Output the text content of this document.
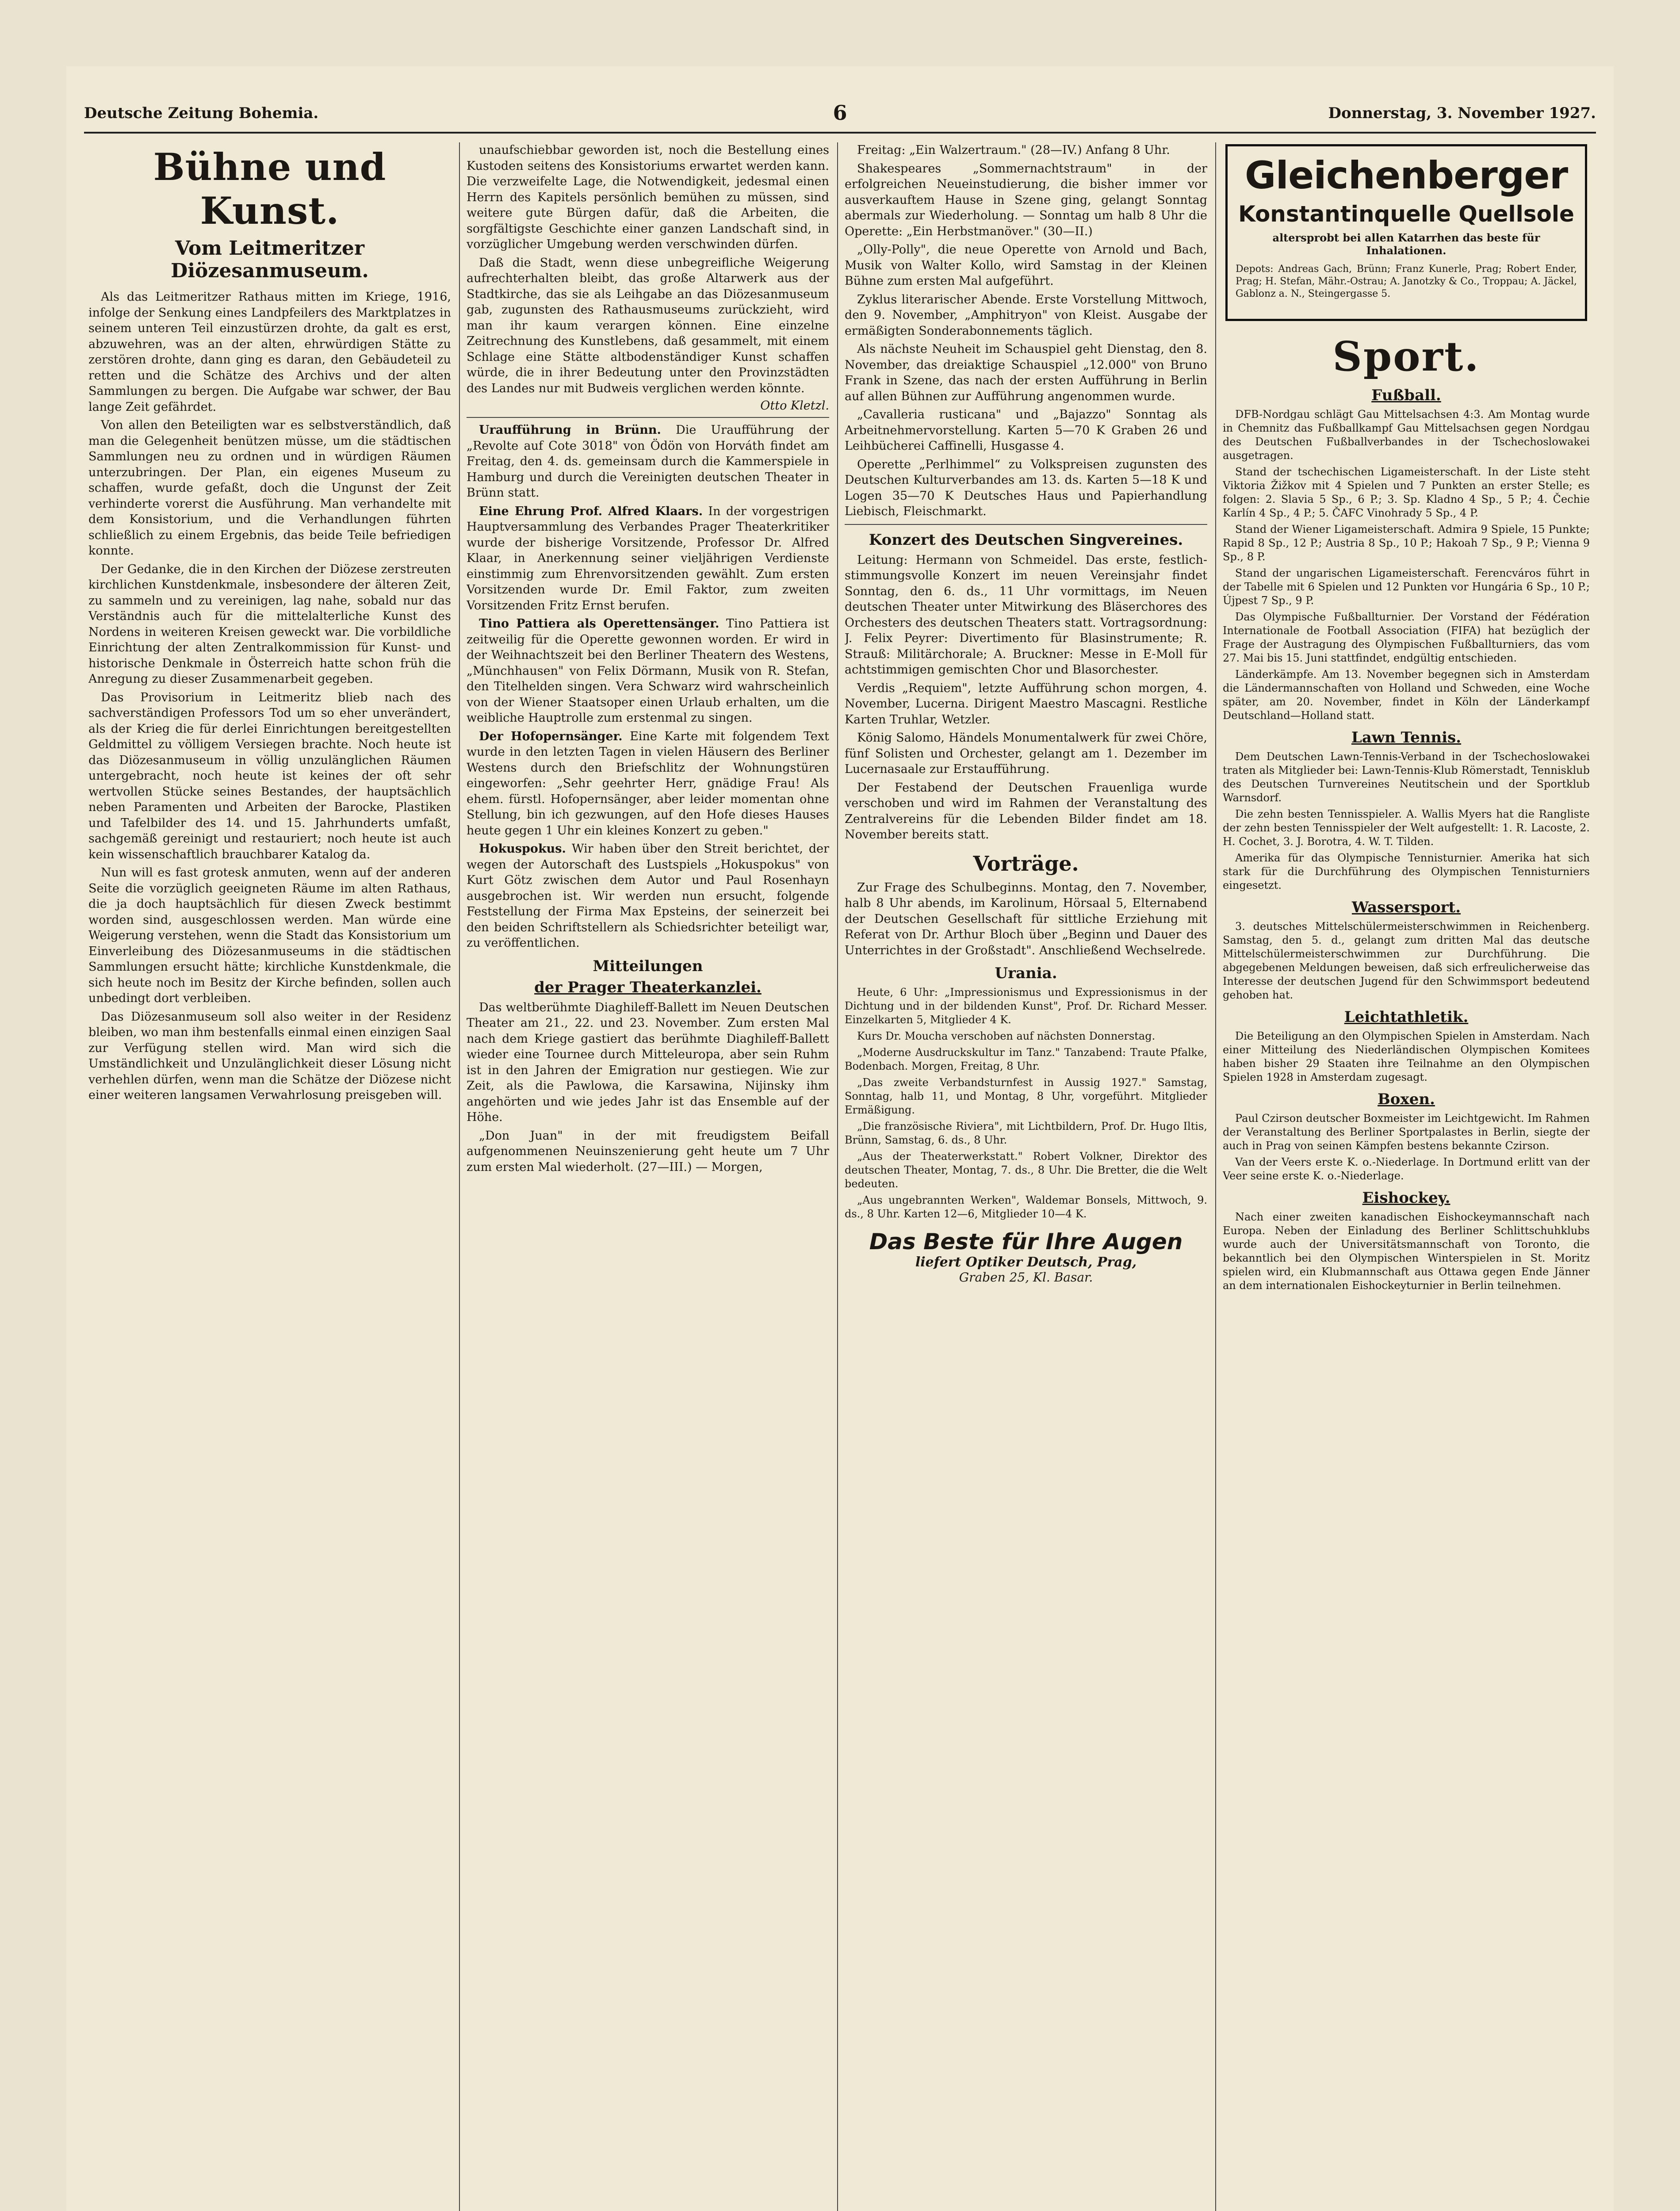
Deutsche Zeitung Bohemia.	6	Donnerstag, 3. November 1927.
Bühne und Kunst.
Vom Leitmeritzer Diözesanmuseum.

Als das Leitmeritzer Rathaus mitten im Kriege, 1916, infolge der Senkung eines Landpfeilers des Marktplatzes in seinem unteren Teil einzustürzen drohte, da galt es erst, abzuwehren, was an der alten, ehrwürdigen Stätte zu zerstören drohte, dann ging es daran, den Gebäudeteil zu retten und die Schätze des Archivs und der alten Sammlungen zu bergen. Die Aufgabe war schwer, der Bau lange Zeit gefährdet.

Von allen den Beteiligten war es selbstverständlich, daß man die Gelegenheit benützen müsse, um die städtischen Sammlungen neu zu ordnen und in würdigen Räumen unterzubringen. Der Plan, ein eigenes Museum zu schaffen, wurde gefaßt, doch die Ungunst der Zeit verhinderte vorerst die Ausführung. Man verhandelte mit dem Konsistorium, und die Verhandlungen führten schließlich zu einem Ergebnis, das beide Teile befriedigen konnte.

Der Gedanke, die in den Kirchen der Diözese zerstreuten kirchlichen Kunstdenkmale, insbesondere der älteren Zeit, zu sammeln und zu vereinigen, lag nahe, sobald nur das Verständnis auch für die mittelalterliche Kunst des Nordens in weiteren Kreisen geweckt war. Die vorbildliche Einrichtung der alten Zentralkommission für Kunst- und historische Denkmale in Österreich hatte schon früh die Anregung zu dieser Zusammenarbeit gegeben.

Das Provisorium in Leitmeritz blieb nach des sachverständigen Professors Tod um so eher unverändert, als der Krieg die für derlei Einrichtungen bereitgestellten Geldmittel zu völligem Versiegen brachte. Noch heute ist das Diözesanmuseum in völlig unzulänglichen Räumen untergebracht, noch heute ist keines der oft sehr wertvollen Stücke seines Bestandes, der hauptsächlich neben Paramenten und Arbeiten der Barocke, Plastiken und Tafelbilder des 14. und 15. Jahrhunderts umfaßt, sachgemäß gereinigt und restauriert; noch heute ist auch kein wissenschaftlich brauchbarer Katalog da.

Nun will es fast grotesk anmuten, wenn auf der anderen Seite die vorzüglich geeigneten Räume im alten Rathaus, die ja doch hauptsächlich für diesen Zweck bestimmt worden sind, ausgeschlossen werden. Man würde eine Weigerung verstehen, wenn die Stadt das Konsistorium um Einverleibung des Diözesanmuseums in die städtischen Sammlungen ersucht hätte; kirchliche Kunstdenkmale, die sich heute noch im Besitz der Kirche befinden, sollen auch unbedingt dort verbleiben.

Das Diözesanmuseum soll also weiter in der Residenz bleiben, wo man ihm bestenfalls einmal einen einzigen Saal zur Verfügung stellen wird. Man wird sich die Umständlichkeit und Unzulänglichkeit dieser Lösung nicht verhehlen dürfen, wenn man die Schätze der Diözese nicht einer weiteren langsamen Verwahrlosung preisgeben will.

unaufschiebbar geworden ist, noch die Bestellung eines Kustoden seitens des Konsistoriums erwartet werden kann. Die verzweifelte Lage, die Notwendigkeit, jedesmal einen Herrn des Kapitels persönlich bemühen zu müssen, sind weitere gute Bürgen dafür, daß die Arbeiten, die sorgfältigste Geschichte einer ganzen Landschaft sind, in vorzüglicher Umgebung werden verschwinden dürfen.

Daß die Stadt, wenn diese unbegreifliche Weigerung aufrechterhalten bleibt, das große Altarwerk aus der Stadtkirche, das sie als Leihgabe an das Diözesanmuseum gab, zugunsten des Rathausmuseums zurückzieht, wird man ihr kaum verargen können. Eine einzelne Zeitrechnung des Kunstlebens, daß gesammelt, mit einem Schlage eine Stätte altbodenständiger Kunst schaffen würde, die in ihrer Bedeutung unter den Provinzstädten des Landes nur mit Budweis verglichen werden könnte.

Otto Kletzl.

Uraufführung in Brünn. Die Uraufführung der „Revolte auf Cote 3018" von Ödön von Horváth findet am Freitag, den 4. ds. gemeinsam durch die Kammerspiele in Hamburg und durch die Vereinigten deutschen Theater in Brünn statt.

Eine Ehrung Prof. Alfred Klaars. In der vorgestrigen Hauptversammlung des Verbandes Prager Theaterkritiker wurde der bisherige Vorsitzende, Professor Dr. Alfred Klaar, in Anerkennung seiner vieljährigen Verdienste einstimmig zum Ehrenvorsitzenden gewählt. Zum ersten Vorsitzenden wurde Dr. Emil Faktor, zum zweiten Vorsitzenden Fritz Ernst berufen.

Tino Pattiera als Operettensänger. Tino Pattiera ist zeitweilig für die Operette gewonnen worden. Er wird in der Weihnachtszeit bei den Berliner Theatern des Westens, „Münchhausen" von Felix Dörmann, Musik von R. Stefan, den Titelhelden singen. Vera Schwarz wird wahrscheinlich von der Wiener Staatsoper einen Urlaub erhalten, um die weibliche Hauptrolle zum erstenmal zu singen.

Der Hofopernsänger. Eine Karte mit folgendem Text wurde in den letzten Tagen in vielen Häusern des Berliner Westens durch den Briefschlitz der Wohnungstüren eingeworfen: „Sehr geehrter Herr, gnädige Frau! Als ehem. fürstl. Hofopernsänger, aber leider momentan ohne Stellung, bin ich gezwungen, auf den Hofe dieses Hauses heute gegen 1 Uhr ein kleines Konzert zu geben."

Hokuspokus. Wir haben über den Streit berichtet, der wegen der Autorschaft des Lustspiels „Hokuspokus" von Kurt Götz zwischen dem Autor und Paul Rosenhayn ausgebrochen ist. Wir werden nun ersucht, folgende Feststellung der Firma Max Epsteins, der seinerzeit bei den beiden Schriftstellern als Schiedsrichter beteiligt war, zu veröffentlichen.

Mitteilungen
der Prager Theaterkanzlei.

Das weltberühmte Diaghileff-Ballett im Neuen Deutschen Theater am 21., 22. und 23. November. Zum ersten Mal nach dem Kriege gastiert das berühmte Diaghileff-Ballett wieder eine Tournee durch Mitteleuropa, aber sein Ruhm ist in den Jahren der Emigration nur gestiegen. Wie zur Zeit, als die Pawlowa, die Karsawina, Nijinsky ihm angehörten und wie jedes Jahr ist das Ensemble auf der Höhe.

„Don Juan" in der mit freudigstem Beifall aufgenommenen Neuinszenierung geht heute um 7 Uhr zum ersten Mal wiederholt. (27—III.) — Morgen,

Freitag: „Ein Walzertraum." (28—IV.) Anfang 8 Uhr.

Shakespeares „Sommernachtstraum" in der erfolgreichen Neueinstudierung, die bisher immer vor ausverkauftem Hause in Szene ging, gelangt Sonntag abermals zur Wiederholung. — Sonntag um halb 8 Uhr die Operette: „Ein Herbstmanöver." (30—II.)

„Olly-Polly", die neue Operette von Arnold und Bach, Musik von Walter Kollo, wird Samstag in der Kleinen Bühne zum ersten Mal aufgeführt.

Zyklus literarischer Abende. Erste Vorstellung Mittwoch, den 9. November, „Amphitryon" von Kleist. Ausgabe der ermäßigten Sonderabonnements täglich.

Als nächste Neuheit im Schauspiel geht Dienstag, den 8. November, das dreiaktige Schauspiel „12.000" von Bruno Frank in Szene, das nach der ersten Aufführung in Berlin auf allen Bühnen zur Aufführung angenommen wurde.

„Cavalleria rusticana" und „Bajazzo" Sonntag als Arbeitnehmervorstellung. Karten 5—70 K Graben 26 und Leihbücherei Caffinelli, Husgasse 4.

Operette „Perlhimmel“ zu Volkspreisen zugunsten des Deutschen Kulturverbandes am 13. ds. Karten 5—18 K und Logen 35—70 K Deutsches Haus und Papierhandlung Liebisch, Fleischmarkt.

Konzert des Deutschen Singvereines.

Leitung: Hermann von Schmeidel. Das erste, festlich-stimmungsvolle Konzert im neuen Vereinsjahr findet Sonntag, den 6. ds., 11 Uhr vormittags, im Neuen deutschen Theater unter Mitwirkung des Bläserchores des Orchesters des deutschen Theaters statt. Vortragsordnung: J. Felix Peyrer: Divertimento für Blasinstrumente; R. Strauß: Militärchorale; A. Bruckner: Messe in E-Moll für achtstimmigen gemischten Chor und Blasorchester.

Verdis „Requiem", letzte Aufführung schon morgen, 4. November, Lucerna. Dirigent Maestro Mascagni. Restliche Karten Truhlar, Wetzler.

König Salomo, Händels Monumentalwerk für zwei Chöre, fünf Solisten und Orchester, gelangt am 1. Dezember im Lucernasaale zur Erstaufführung.

Der Festabend der Deutschen Frauenliga wurde verschoben und wird im Rahmen der Veranstaltung des Zentralvereins für die Lebenden Bilder findet am 18. November bereits statt.

Vorträge.

Zur Frage des Schulbeginns. Montag, den 7. November, halb 8 Uhr abends, im Karolinum, Hörsaal 5, Elternabend der Deutschen Gesellschaft für sittliche Erziehung mit Referat von Dr. Arthur Bloch über „Beginn und Dauer des Unterrichtes in der Großstadt". Anschließend Wechselrede.

Urania.

Heute, 6 Uhr: „Impressionismus und Expressionismus in der Dichtung und in der bildenden Kunst", Prof. Dr. Richard Messer. Einzelkarten 5, Mitglieder 4 K.

Kurs Dr. Moucha verschoben auf nächsten Donnerstag.

„Moderne Ausdruckskultur im Tanz." Tanzabend: Traute Pfalke, Bodenbach. Morgen, Freitag, 8 Uhr.

„Das zweite Verbandsturnfest in Aussig 1927." Samstag, Sonntag, halb 11, und Montag, 8 Uhr, vorgeführt. Mitglieder Ermäßigung.

„Die französische Riviera", mit Lichtbildern, Prof. Dr. Hugo Iltis, Brünn, Samstag, 6. ds., 8 Uhr.

„Aus der Theaterwerkstatt." Robert Volkner, Direktor des deutschen Theater, Montag, 7. ds., 8 Uhr. Die Bretter, die die Welt bedeuten.

„Aus ungebrannten Werken", Waldemar Bonsels, Mittwoch, 9. ds., 8 Uhr. Karten 12—6, Mitglieder 10—4 K.

Das Beste für Ihre Augen
liefert Optiker Deutsch, Prag,
Graben 25, Kl. Basar.
Gleichenberger
Konstantinquelle Quellsole
altersprobt bei allen Katarrhen das beste für Inhalationen.
Depots: Andreas Gach, Brünn; Franz Kunerle, Prag; Robert Ender, Prag; H. Stefan, Mähr.-Ostrau; A. Janotzky & Co., Troppau; A. Jäckel, Gablonz a. N., Steingergasse 5.
Sport.
Fußball.

DFB-Nordgau schlägt Gau Mittelsachsen 4:3. Am Montag wurde in Chemnitz das Fußballkampf Gau Mittelsachsen gegen Nordgau des Deutschen Fußballverbandes in der Tschechoslowakei ausgetragen.

Stand der tschechischen Ligameisterschaft. In der Liste steht Viktoria Žižkov mit 4 Spielen und 7 Punkten an erster Stelle; es folgen: 2. Slavia 5 Sp., 6 P.; 3. Sp. Kladno 4 Sp., 5 P.; 4. Čechie Karlín 4 Sp., 4 P.; 5. ČAFC Vinohrady 5 Sp., 4 P.

Stand der Wiener Ligameisterschaft. Admira 9 Spiele, 15 Punkte; Rapid 8 Sp., 12 P.; Austria 8 Sp., 10 P.; Hakoah 7 Sp., 9 P.; Vienna 9 Sp., 8 P.

Stand der ungarischen Ligameisterschaft. Ferencváros führt in der Tabelle mit 6 Spielen und 12 Punkten vor Hungária 6 Sp., 10 P.; Újpest 7 Sp., 9 P.

Das Olympische Fußballturnier. Der Vorstand der Fédération Internationale de Football Association (FIFA) hat bezüglich der Frage der Austragung des Olympischen Fußballturniers, das vom 27. Mai bis 15. Juni stattfindet, endgültig entschieden.

Länderkämpfe. Am 13. November begegnen sich in Amsterdam die Ländermannschaften von Holland und Schweden, eine Woche später, am 20. November, findet in Köln der Länderkampf Deutschland—Holland statt.

Lawn Tennis.

Dem Deutschen Lawn-Tennis-Verband in der Tschechoslowakei traten als Mitglieder bei: Lawn-Tennis-Klub Römerstadt, Tennisklub des Deutschen Turnvereines Neutitschein und der Sportklub Warnsdorf.

Die zehn besten Tennisspieler. A. Wallis Myers hat die Rangliste der zehn besten Tennisspieler der Welt aufgestellt: 1. R. Lacoste, 2. H. Cochet, 3. J. Borotra, 4. W. T. Tilden.

Amerika für das Olympische Tennisturnier. Amerika hat sich stark für die Durchführung des Olympischen Tennisturniers eingesetzt.

Wassersport.

3. deutsches Mittelschülermeisterschwimmen in Reichenberg. Samstag, den 5. d., gelangt zum dritten Mal das deutsche Mittelschülermeisterschwimmen zur Durchführung. Die abgegebenen Meldungen beweisen, daß sich erfreulicherweise das Interesse der deutschen Jugend für den Schwimmsport bedeutend gehoben hat.

Leichtathletik.

Die Beteiligung an den Olympischen Spielen in Amsterdam. Nach einer Mitteilung des Niederländischen Olympischen Komitees haben bisher 29 Staaten ihre Teilnahme an den Olympischen Spielen 1928 in Amsterdam zugesagt.

Boxen.

Paul Czirson deutscher Boxmeister im Leichtgewicht. Im Rahmen der Veranstaltung des Berliner Sportpalastes in Berlin, siegte der auch in Prag von seinen Kämpfen bestens bekannte Czirson.

Van der Veers erste K. o.-Niederlage. In Dortmund erlitt van der Veer seine erste K. o.-Niederlage.

Eishockey.

Nach einer zweiten kanadischen Eishockeymannschaft nach Europa. Neben der Einladung des Berliner Schlittschuhklubs wurde auch der Universitätsmannschaft von Toronto, die bekanntlich bei den Olympischen Winterspielen in St. Moritz spielen wird, ein Klubmannschaft aus Ottawa gegen Ende Jänner an dem internationalen Eishockeyturnier in Berlin teilnehmen.
